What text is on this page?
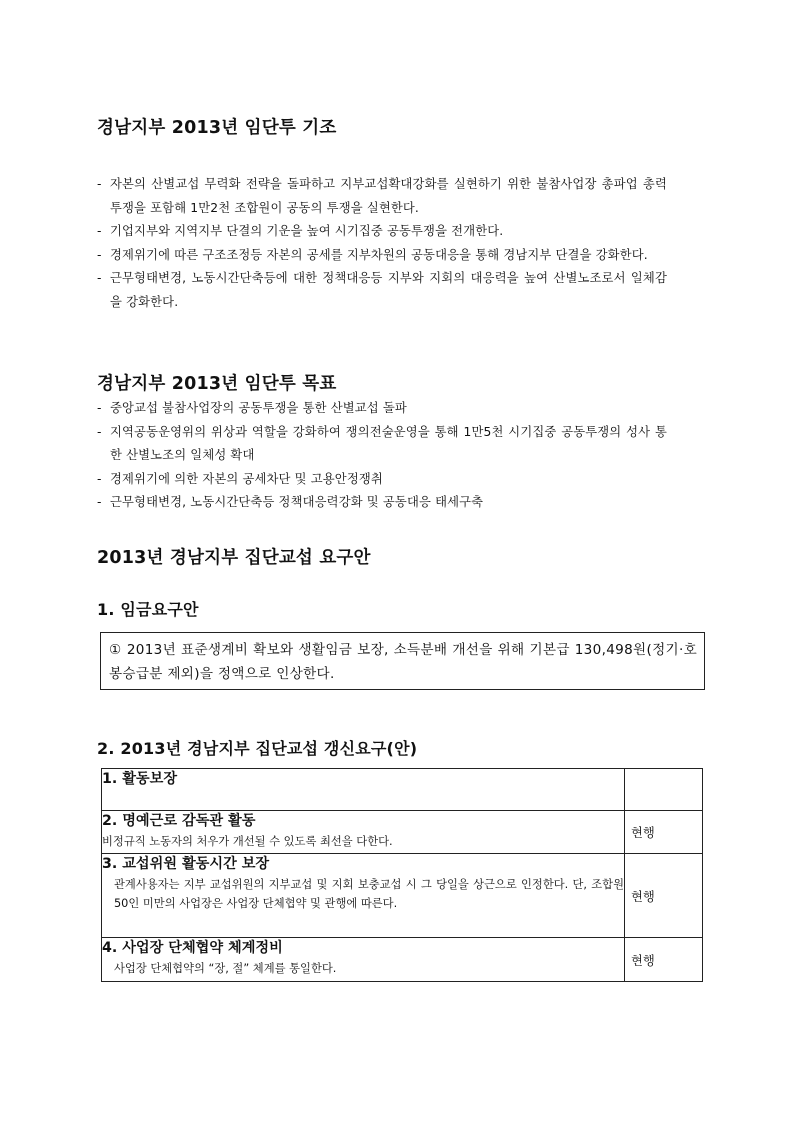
경남지부 2013년 임단투 기조
- 자본의 산별교섭 무력화 전략을 돌파하고 지부교섭확대강화를 실현하기 위한 불참사업장 총파업 총력투쟁을 포함해 1만2천 조합원이 공동의 투쟁을 실현한다.
- 기업지부와 지역지부 단결의 기운을 높여 시기집중 공동투쟁을 전개한다.
- 경제위기에 따른 구조조정등 자본의 공세를 지부차원의 공동대응을 통해 경남지부 단결을 강화한다.
- 근무형태변경, 노동시간단축등에 대한 정책대응등 지부와 지회의 대응력을 높여 산별노조로서 일체감을 강화한다.
경남지부 2013년 임단투 목표
- 중앙교섭 불참사업장의 공동투쟁을 통한 산별교섭 돌파
- 지역공동운영위의 위상과 역할을 강화하여 쟁의전술운영을 통해 1만5천 시기집중 공동투쟁의 성사 통한 산별노조의 일체성 확대
- 경제위기에 의한 자본의 공세차단 및 고용안정쟁취
- 근무형태변경, 노동시간단축등 정책대응력강화 및 공동대응 태세구축
2013년 경남지부 집단교섭 요구안
1. 임금요구안
① 2013년 표준생계비 확보와 생활임금 보장, 소득분배 개선을 위해 기본급 130,498원(정기·호봉승급분 제외)을 정액으로 인상한다.
2. 2013년 경남지부 집단교섭 갱신요구(안)
1. 활동보장	

2. 명예근로 감독관 활동
비정규직 노동자의 처우가 개선될 수 있도록 최선을 다한다.	현행

3. 교섭위원 활동시간 보장
관계사용자는 지부 교섭위원의 지부교섭 및 지회 보충교섭 시 그 당일을 상근으로 인정한다. 단, 조합원 50인 미만의 사업장은 사업장 단체협약 및 관행에 따른다.	현행

4. 사업장 단체협약 체계정비
사업장 단체협약의 “장, 절” 체계를 통일한다.	현행
